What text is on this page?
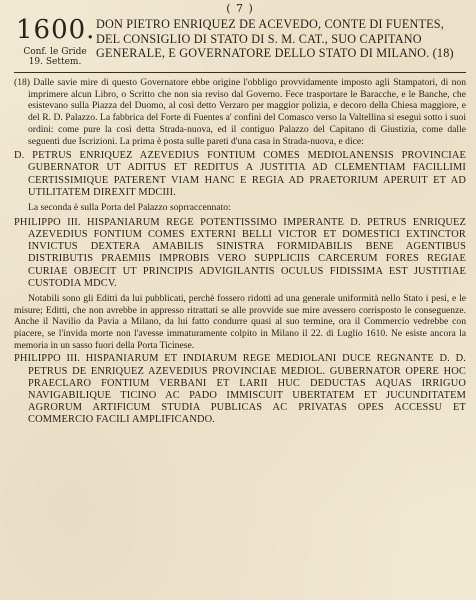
( 7 )
1600.
Conf. le Gride
19. Settem.
DON PIETRO ENRIQUEZ DE ACEVEDO, CONTE DI FUENTES, DEL CONSIGLIO DI STATO DI S. M. CAT., SUO CAPITANO GENERALE, E GOVERNATORE DELLO STATO DI MILANO. (18)

(18) Dalle savie mire di questo Governatore ebbe origine l'obbligo provvidamente imposto agli Stampatori, di non imprimere alcun Libro, o Scritto che non sia reviso dal Governo. Fece trasportare le Baracche, e le Banche, che esistevano sulla Piazza del Duomo, al così detto Verzaro per maggior polizia, e decoro della Chiesa maggiore, e del R. D. Palazzo. La fabbrica del Forte di Fuentes a' confini del Comasco verso la Valtellina si eseguì sotto i suoi ordini: come pure la così detta Strada-nuova, ed il contiguo Palazzo del Capitano di Giustizia, come dalle seguenti due Iscrizioni. La prima è posta sulle pareti d'una casa in Strada-nuova, e dice:

D. PETRUS ENRIQUEZ AZEVEDIUS FONTIUM COMES MEDIOLANENSIS PROVINCIAE GUBERNATOR UT ADITUS ET REDITUS A JUSTITIA AD CLEMENTIAM FACILLIMI CERTISSIMIQUE PATERENT VIAM HANC E REGIA AD PRAETORIUM APERUIT ET AD UTILITATEM DIREXIT MDCIII.

La seconda è sulla Porta del Palazzo soprraccennato:

PHILIPPO III. HISPANIARUM REGE POTENTISSIMO IMPERANTE D. PETRUS ENRIQUEZ AZEVEDIUS FONTIUM COMES EXTERNI BELLI VICTOR ET DOMESTICI EXTINCTOR INVICTUS DEXTERA AMABILIS SINISTRA FORMIDABILIS BENE AGENTIBUS DISTRIBUTIS PRAEMIIS IMPROBIS VERO SUPPLICIIS CARCERUM FORES REGIAE CURIAE OBJECIT UT PRINCIPIS ADVIGILANTIS OCULUS FIDISSIMA EST JUSTITIAE CUSTODIA MDCV.

Notabili sono gli Editti da lui pubblicati, perchè fossero ridotti ad una generale uniformità nello Stato i pesi, e le misure; Editti, che non avrebbe in appresso ritrattati se alle provvide sue mire avessero corrisposto le conseguenze. Anche il Navilio da Pavia a Milano, da lui fatto condurre quasi al suo termine, ora il Commercio vedrebbe con piacere, se l'invida morte non l'avesse immaturamente colpito in Milano il 22. di Luglio 1610. Ne esiste ancora la memoria in un sasso fuori della Porta Ticinese.

PHILIPPO III. HISPANIARUM ET INDIARUM REGE MEDIOLANI DUCE REGNANTE D. D. PETRUS DE ENRIQUEZ AZEVEDIUS PROVINCIAE MEDIOL. GUBERNATOR OPERE HOC PRAECLARO FONTIUM VERBANI ET LARII HUC DEDUCTAS AQUAS IRRIGUO NAVIGABILIQUE TICINO AC PADO IMMISCUIT UBERTATEM ET JUCUNDITATEM AGRORUM ARTIFICUM STUDIA PUBLICAS AC PRIVATAS OPES ACCESSU ET COMMERCIO FACILI AMPLIFICANDO.
